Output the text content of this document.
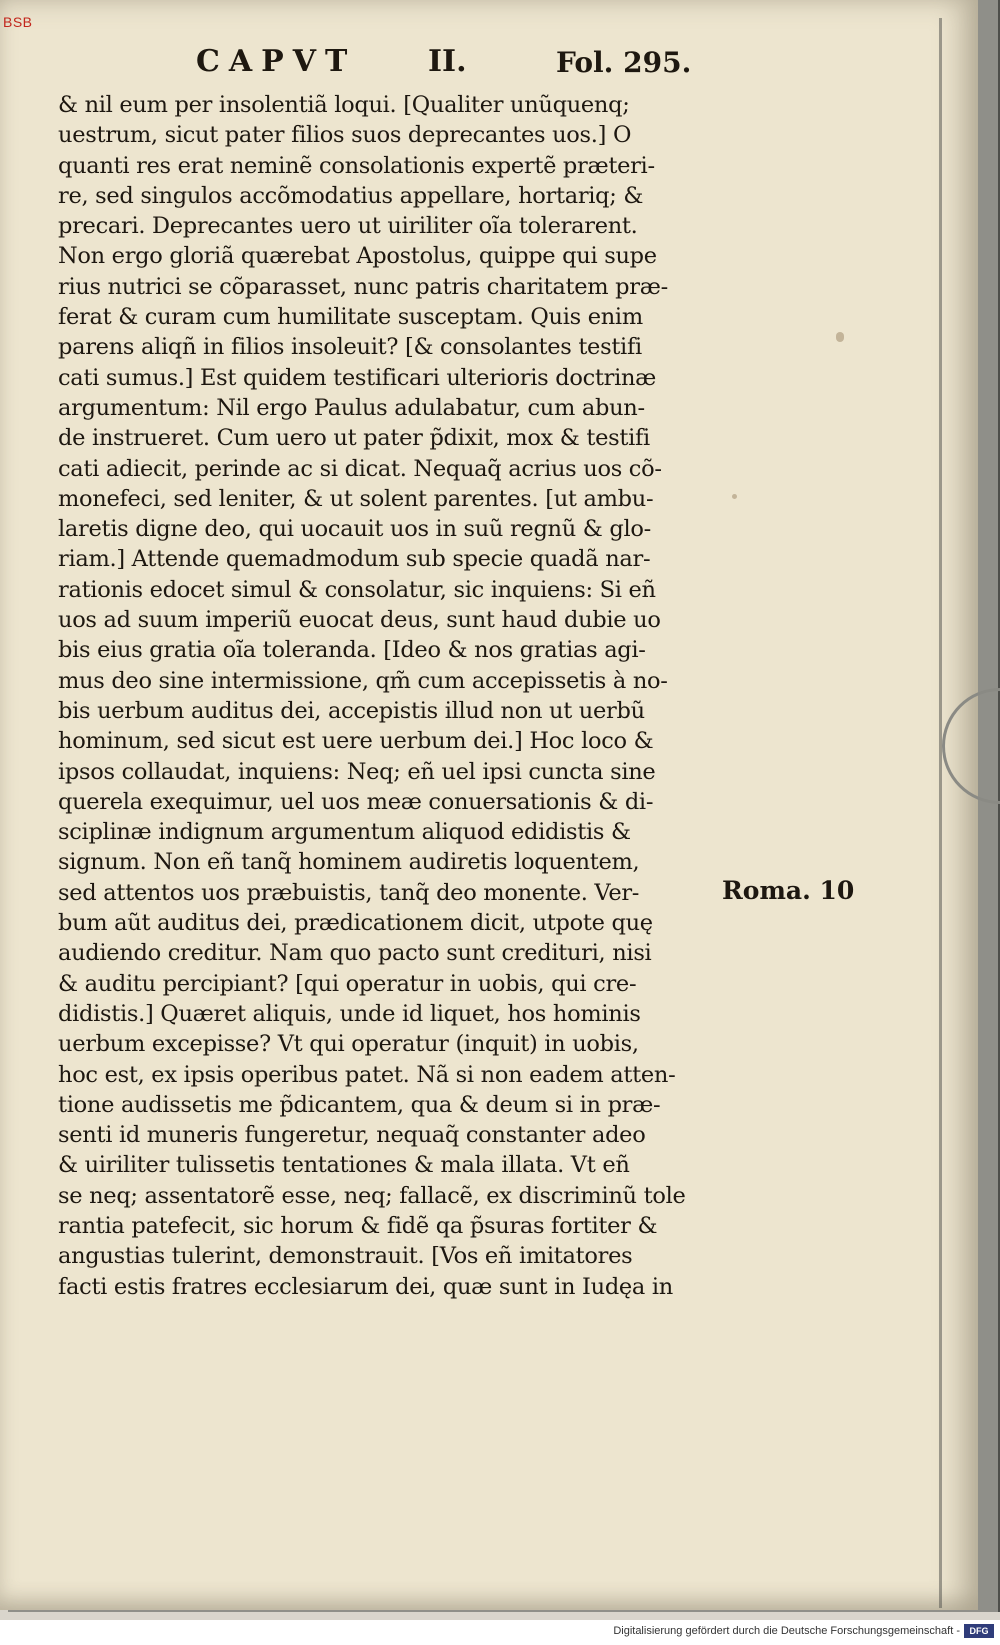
CAPVT II.	Fol. 295.
& nil eum per insolentiã loqui. [Qualiter unũquenq;
uestrum, sicut pater filios suos deprecantes uos.] O
quanti res erat neminẽ consolationis expertẽ præteri-
re, sed singulos accõmodatius appellare, hortariq; &
precari. Deprecantes uero ut uiriliter oĩa tolerarent.
Non ergo gloriã quærebat Apostolus, quippe qui supe
rius nutrici se cõparasset, nunc patris charitatem præ-
ferat & curam cum humilitate susceptam. Quis enim
parens aliqñ in filios insoleuit? [& consolantes testifi
cati sumus.] Est quidem testificari ulterioris doctrinæ
argumentum: Nil ergo Paulus adulabatur, cum abun-
de instrueret. Cum uero ut pater p̃dixit, mox & testifi
cati adiecit, perinde ac si dicat. Nequaq̃ acrius uos cõ-
monefeci, sed leniter, & ut solent parentes. [ut ambu-
laretis digne deo, qui uocauit uos in suũ regnũ & glo-
riam.] Attende quemadmodum sub specie quadã nar-
rationis edocet simul & consolatur, sic inquiens: Si eñ
uos ad suum imperiũ euocat deus, sunt haud dubie uo
bis eius gratia oĩa toleranda. [Ideo & nos gratias agi-
mus deo sine intermissione, qm̃ cum accepissetis à no-
bis uerbum auditus dei, accepistis illud non ut uerbũ
hominum, sed sicut est uere uerbum dei.] Hoc loco &
ipsos collaudat, inquiens: Neq; eñ uel ipsi cuncta sine
querela exequimur, uel uos meæ conuersationis & di-
sciplinæ indignum argumentum aliquod edidistis &
signum. Non eñ tanq̃ hominem audiretis loquentem,
sed attentos uos præbuistis, tanq̃ deo monente. Ver-
bum aũt auditus dei, prædicationem dicit, utpote quę
audiendo creditur. Nam quo pacto sunt credituri, nisi
& auditu percipiant? [qui operatur in uobis, qui cre-
didistis.] Quæret aliquis, unde id liquet, hos hominis
uerbum excepisse? Vt qui operatur (inquit) in uobis,
hoc est, ex ipsis operibus patet. Nã si non eadem atten-
tione audissetis me p̃dicantem, qua & deum si in præ-
senti id muneris fungeretur, nequaq̃ constanter adeo
& uiriliter tulissetis tentationes & mala illata. Vt eñ
se neq; assentatorẽ esse, neq; fallacẽ, ex discriminũ tole
rantia patefecit, sic horum & fidẽ qa p̃suras fortiter &
angustias tulerint, demonstrauit. [Vos eñ imitatores
facti estis fratres ecclesiarum dei, quæ sunt in Iudęa in
Roma. 10
BSB
Digitalisierung gefördert durch die Deutsche Forschungsgemeinschaft -	DFG
